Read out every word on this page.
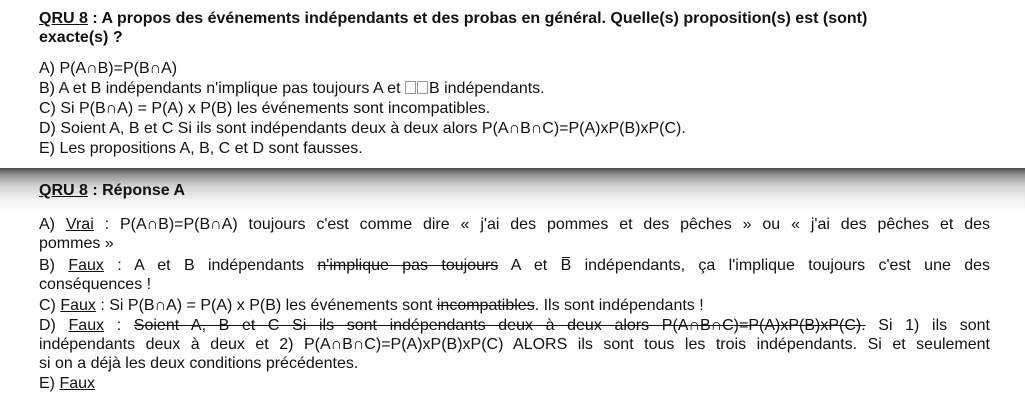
QRU 8 : A propos des événements indépendants et des probas en général. Quelle(s) proposition(s) est (sont)
exacte(s) ?
A) P(A∩B)=P(B∩A)
B) A et B indépendants n'implique pas toujours A et B indépendants.
C) Si P(B∩A) = P(A) x P(B) les événements sont incompatibles.
D) Soient A, B et C Si ils sont indépendants deux à deux alors P(A∩B∩C)=P(A)xP(B)xP(C).
E) Les propositions A, B, C et D sont fausses.
QRU 8 : Réponse A
A) Vrai : P(A∩B)=P(B∩A) toujours c'est comme dire « j'ai des pommes et des pêches » ou « j'ai des pêches et des
pommes »
B) Faux : A et B indépendants n'implique pas toujours A et B indépendants, ça l'implique toujours c'est une des
conséquences !
C) Faux : Si P(B∩A) = P(A) x P(B) les événements sont incompatibles. Ils sont indépendants !
D) Faux : Soient A, B et C Si ils sont indépendants deux à deux alors P(A∩B∩C)=P(A)xP(B)xP(C). Si 1) ils sont
indépendants deux à deux et 2) P(A∩B∩C)=P(A)xP(B)xP(C) ALORS ils sont tous les trois indépendants. Si et seulement
si on a déjà les deux conditions précédentes.
E) Faux
